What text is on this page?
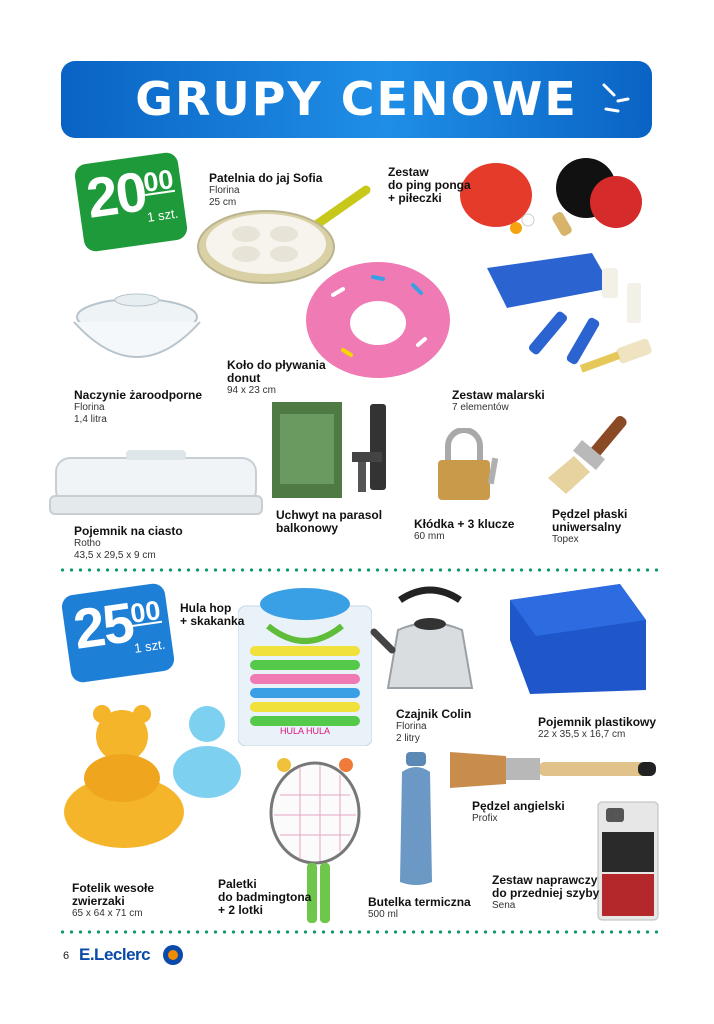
GRUPY CENOWE
20
00
1 szt.
Patelnia do jaj Sofia
Florina
25 cm
Zestaw
do ping ponga
+ piłeczki
Naczynie żaroodporne
Florina
1,4 litra
Koło do pływania
donut
94 x 23 cm	Zestaw malarski
7 elementów
Pojemnik na ciasto
Rotho
43,5 x 29,5 x 9 cm
Uchwyt na parasol
balkonowy	Kłódka + 3 klucze
60 mm
Pędzel płaski
uniwersalny
Topex
25
00
1 szt.
HULA HULA
Hula hop
+ skakanka
Czajnik Colin
Florina
2 litry
Pojemnik plastikowy
22 x 35,5 x 16,7 cm
Pędzel angielski
Profix
Fotelik wesołe
zwierzaki
65 x 64 x 71 cm
Paletki
do badmingtona
+ 2 lotki
Butelka termiczna
500 ml
Zestaw naprawczy
do przedniej szyby
Sena
6 E.Leclerc
